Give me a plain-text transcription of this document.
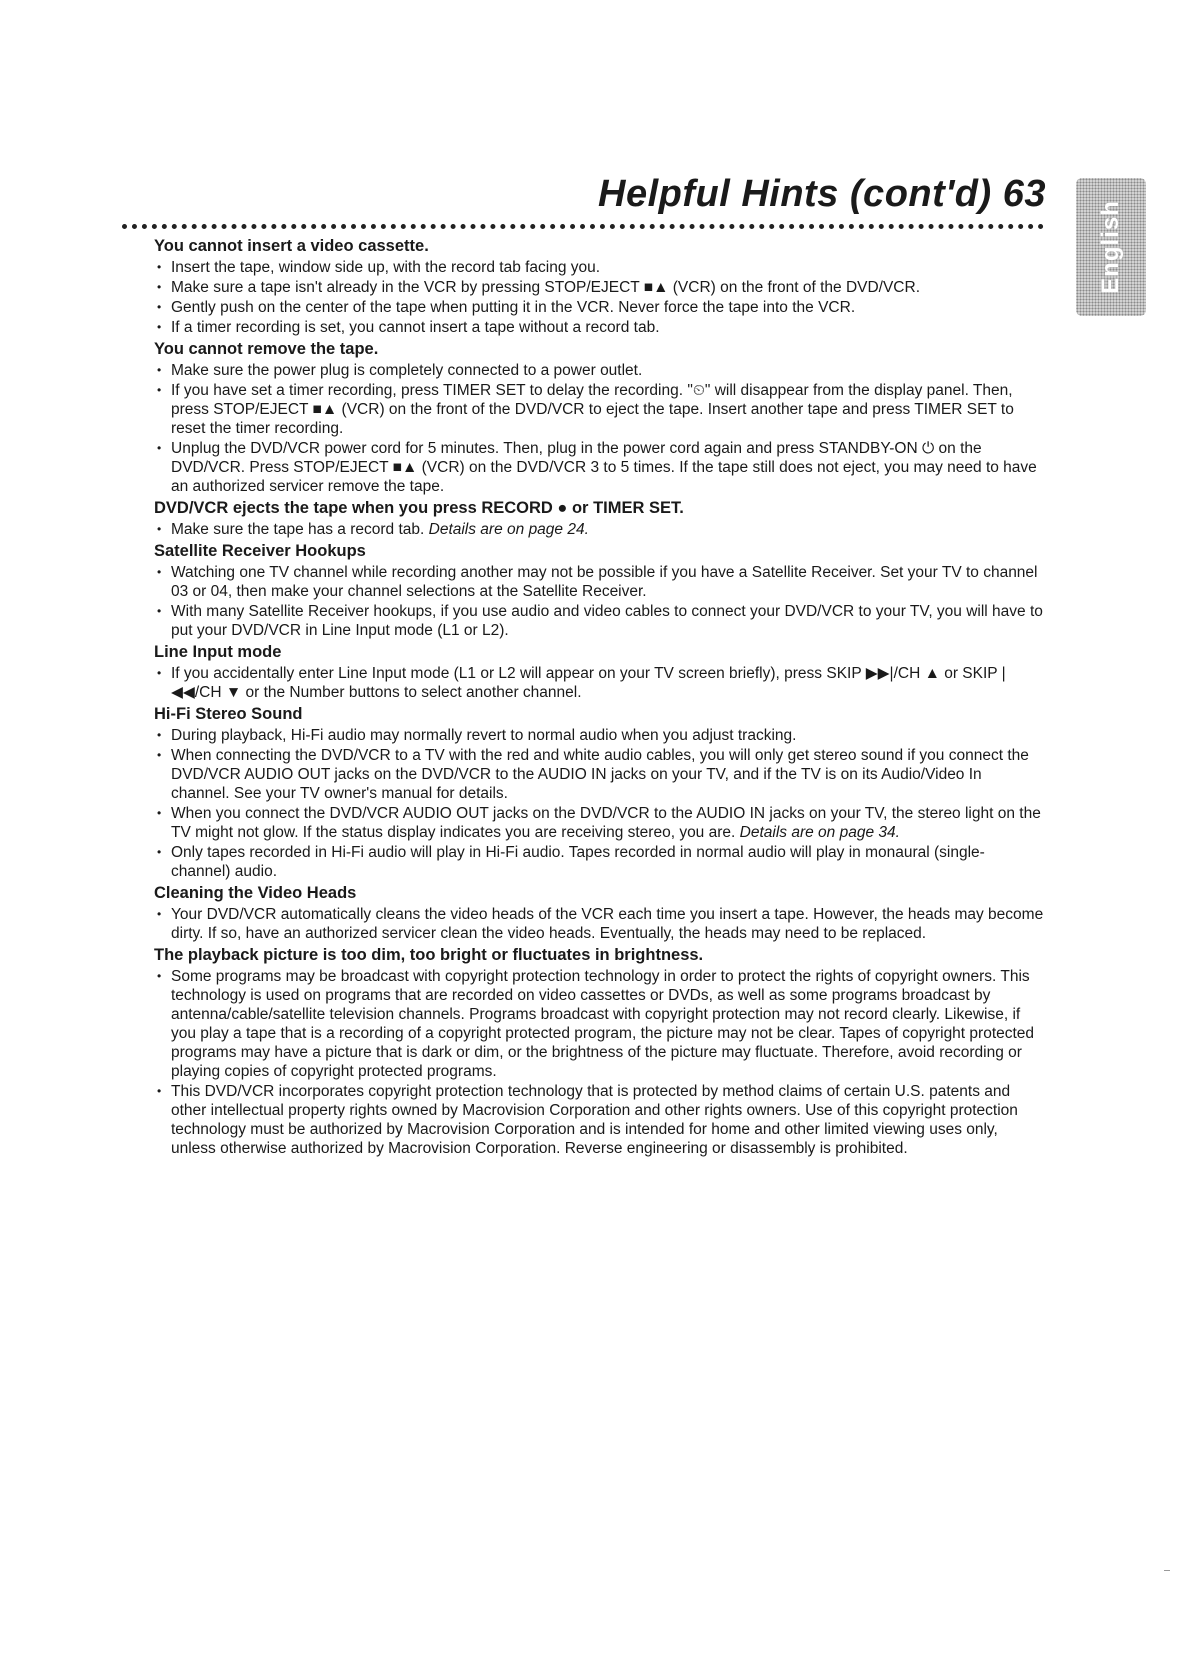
Helpful Hints (cont'd) 63
English
You cannot insert a video cassette.
• Insert the tape, window side up, with the record tab facing you.
• Make sure a tape isn't already in the VCR by pressing STOP/EJECT ■▲ (VCR) on the front of the DVD/VCR.
• Gently push on the center of the tape when putting it in the VCR. Never force the tape into the VCR.
• If a timer recording is set, you cannot insert a tape without a record tab.
You cannot remove the tape.
• Make sure the power plug is completely connected to a power outlet.
• If you have set a timer recording, press TIMER SET to delay the recording. "⏲" will disappear from the display panel. Then, press STOP/EJECT ■▲ (VCR) on the front of the DVD/VCR to eject the tape. Insert another tape and press TIMER SET to reset the timer recording.
• Unplug the DVD/VCR power cord for 5 minutes. Then, plug in the power cord again and press STANDBY-ON ⏻ on the DVD/VCR. Press STOP/EJECT ■▲ (VCR) on the DVD/VCR 3 to 5 times. If the tape still does not eject, you may need to have an authorized servicer remove the tape.
DVD/VCR ejects the tape when you press RECORD ● or TIMER SET.
• Make sure the tape has a record tab. Details are on page 24.
Satellite Receiver Hookups
• Watching one TV channel while recording another may not be possible if you have a Satellite Receiver. Set your TV to channel 03 or 04, then make your channel selections at the Satellite Receiver.
• With many Satellite Receiver hookups, if you use audio and video cables to connect your DVD/VCR to your TV, you will have to put your DVD/VCR in Line Input mode (L1 or L2).
Line Input mode
• If you accidentally enter Line Input mode (L1 or L2 will appear on your TV screen briefly), press SKIP ▶▶|/CH ▲ or SKIP |◀◀/CH ▼ or the Number buttons to select another channel.
Hi-Fi Stereo Sound
• During playback, Hi-Fi audio may normally revert to normal audio when you adjust tracking.
• When connecting the DVD/VCR to a TV with the red and white audio cables, you will only get stereo sound if you connect the DVD/VCR AUDIO OUT jacks on the DVD/VCR to the AUDIO IN jacks on your TV, and if the TV is on its Audio/Video In channel. See your TV owner's manual for details.
• When you connect the DVD/VCR AUDIO OUT jacks on the DVD/VCR to the AUDIO IN jacks on your TV, the stereo light on the TV might not glow. If the status display indicates you are receiving stereo, you are. Details are on page 34.
• Only tapes recorded in Hi-Fi audio will play in Hi-Fi audio. Tapes recorded in normal audio will play in monaural (single-channel) audio.
Cleaning the Video Heads
• Your DVD/VCR automatically cleans the video heads of the VCR each time you insert a tape. However, the heads may become dirty. If so, have an authorized servicer clean the video heads. Eventually, the heads may need to be replaced.
The playback picture is too dim, too bright or fluctuates in brightness.
• Some programs may be broadcast with copyright protection technology in order to protect the rights of copyright owners. This technology is used on programs that are recorded on video cassettes or DVDs, as well as some programs broadcast by antenna/cable/satellite television channels. Programs broadcast with copyright protection may not record clearly. Likewise, if you play a tape that is a recording of a copyright protected program, the picture may not be clear. Tapes of copyright protected programs may have a picture that is dark or dim, or the brightness of the picture may fluctuate. Therefore, avoid recording or playing copies of copyright protected programs.
• This DVD/VCR incorporates copyright protection technology that is protected by method claims of certain U.S. patents and other intellectual property rights owned by Macrovision Corporation and other rights owners. Use of this copyright protection technology must be authorized by Macrovision Corporation and is intended for home and other limited viewing uses only, unless otherwise authorized by Macrovision Corporation. Reverse engineering or disassembly is prohibited.
